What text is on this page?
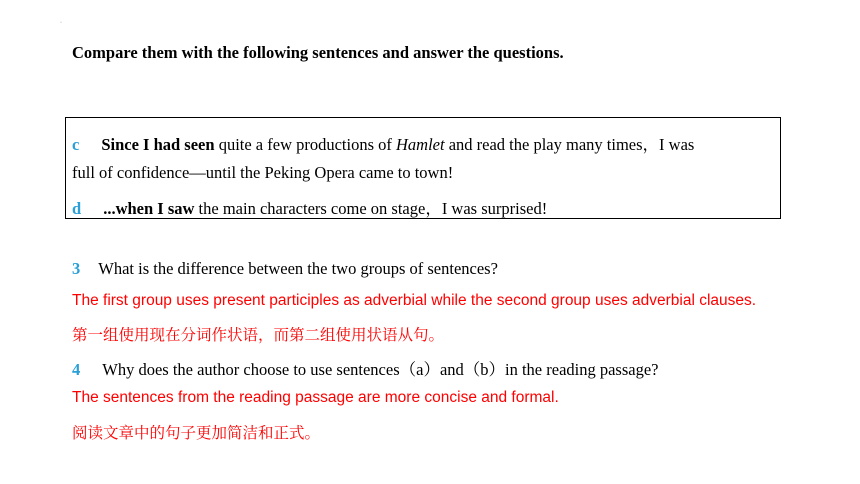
·
Compare them with the following sentences and answer the questions.
c Since I had seen quite a few productions of Hamlet and read the play many times，I was
full of confidence—until the Peking Opera came to town!
d ...when I saw the main characters come on stage，I was surprised!
3 What is the difference between the two groups of sentences?
The first group uses present participles as adverbial while the second group uses adverbial clauses.
第一组使用现在分词作状语，而第二组使用状语从句。
4 Why does the author choose to use sentences（a）and（b）in the reading passage?
The sentences from the reading passage are more concise and formal.
阅读文章中的句子更加简洁和正式。
